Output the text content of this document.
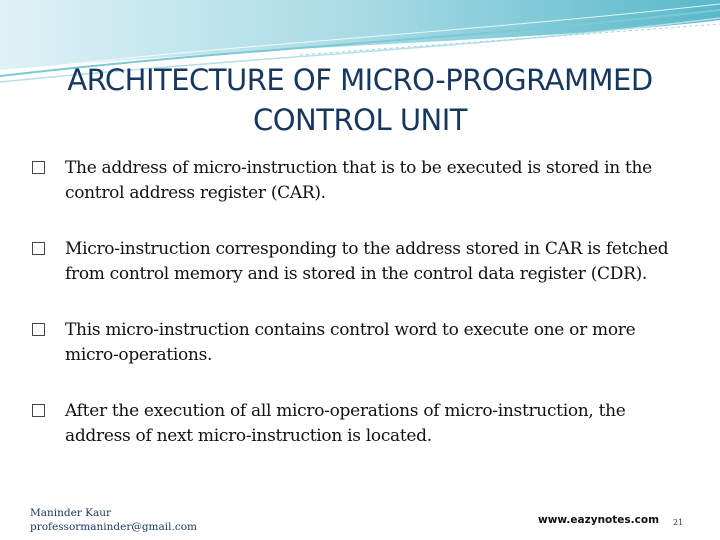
ARCHITECTURE OF MICRO-PROGRAMMED
CONTROL UNIT
The address of micro-instruction that is to be executed is stored in the control address register (CAR).
Micro-instruction corresponding to the address stored in CAR is fetched from control memory and is stored in the control data register (CDR).
This micro-instruction contains control word to execute one or more micro-operations.
After the execution of all micro-operations of micro-instruction, the address of next micro-instruction is located.
Maninder Kaur
professormaninder@gmail.com
www.eazynotes.com 21
